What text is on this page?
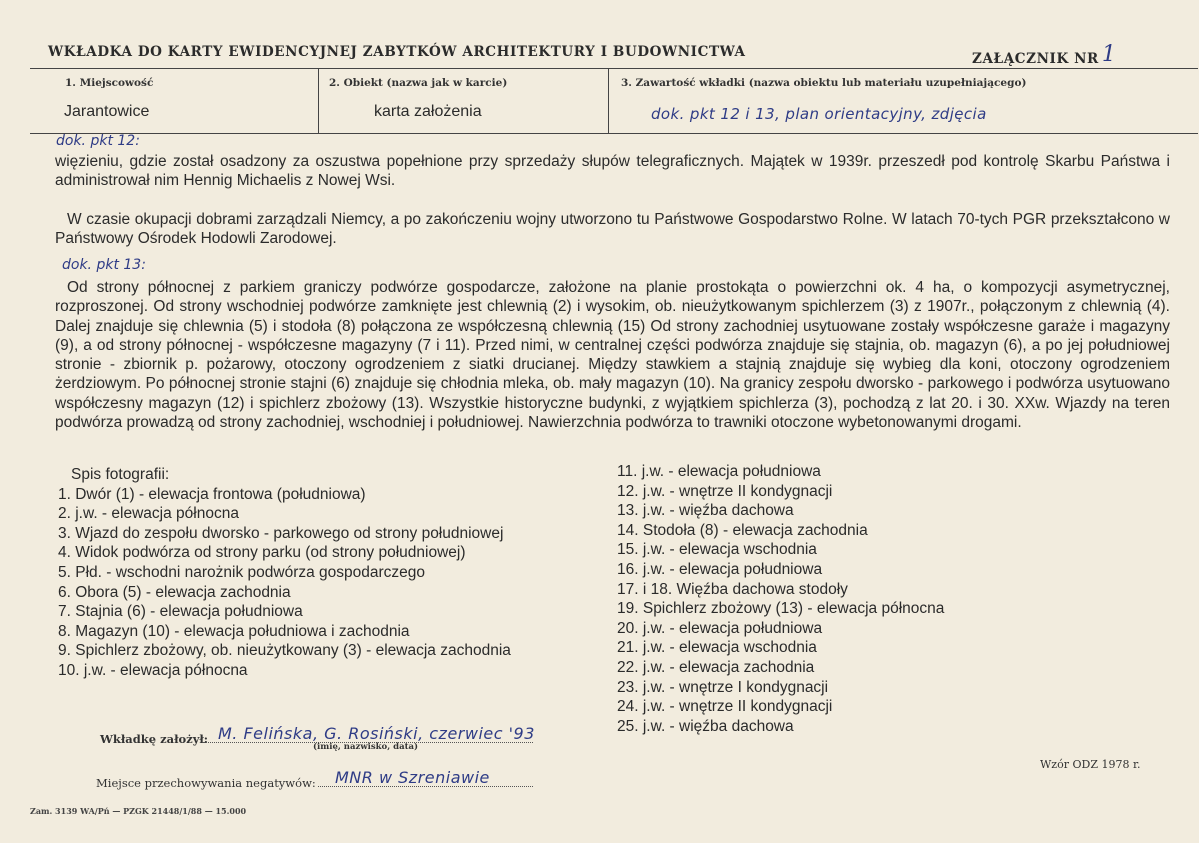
WKŁADKA DO KARTY EWIDENCYJNEJ ZABYTKÓW ARCHITEKTURY I BUDOWNICTWA	ZAŁĄCZNIK NR 1
1. Miejscowość
Jarantowice
2. Obiekt (nazwa jak w karcie)
karta założenia
3. Zawartość wkładki (nazwa obiektu lub materiału uzupełniającego)
dok. pkt 12 i 13, plan orientacyjny, zdjęcia
dok. pkt 12:

więzieniu, gdzie został osadzony za oszustwa popełnione przy sprzedaży słupów telegraficznych. Majątek w 1939r. przeszedł pod kontrolę Skarbu Państwa i administrował nim Hennig Michaelis z Nowej Wsi.

W czasie okupacji dobrami zarządzali Niemcy, a po zakończeniu wojny utworzono tu Państwowe Gospodarstwo Rolne. W latach 70-tych PGR przekształcono w Państwowy Ośrodek Hodowli Zarodowej.

dok. pkt 13:

Od strony północnej z parkiem graniczy podwórze gospodarcze, założone na planie prostokąta o powierzchni ok. 4 ha, o kompozycji asymetrycznej, rozproszonej. Od strony wschodniej podwórze zamknięte jest chlewnią (2) i wysokim, ob. nieużytkowanym spichlerzem (3) z 1907r., połączonym z chlewnią (4). Dalej znajduje się chlewnia (5) i stodoła (8) połączona ze współczesną chlewnią (15) Od strony zachodniej usytuowane zostały współczesne garaże i magazyny (9), a od strony północnej - współczesne magazyny (7 i 11). Przed nimi, w centralnej części podwórza znajduje się stajnia, ob. magazyn (6), a po jej południowej stronie - zbiornik p. pożarowy, otoczony ogrodzeniem z siatki drucianej. Między stawkiem a stajnią znajduje się wybieg dla koni, otoczony ogrodzeniem żerdziowym. Po północnej stronie stajni (6) znajduje się chłodnia mleka, ob. mały magazyn (10). Na granicy zespołu dworsko - parkowego i podwórza usytuowano współczesny magazyn (12) i spichlerz zbożowy (13). Wszystkie historyczne budynki, z wyjątkiem spichlerza (3), pochodzą z lat 20. i 30. XXw. Wjazdy na teren podwórza prowadzą od strony zachodniej, wschodniej i południowej. Nawierzchnia podwórza to trawniki otoczone wybetonowanymi drogami.

Spis fotografii:
1. Dwór (1) - elewacja frontowa (południowa)
2. j.w. - elewacja północna
3. Wjazd do zespołu dworsko - parkowego od strony południowej
4. Widok podwórza od strony parku (od strony południowej)
5. Płd. - wschodni narożnik podwórza gospodarczego
6. Obora (5) - elewacja zachodnia
7. Stajnia (6) - elewacja południowa
8. Magazyn (10) - elewacja południowa i zachodnia
9. Spichlerz zbożowy, ob. nieużytkowany (3) - elewacja zachodnia
10. j.w. - elewacja północna
11. j.w. - elewacja południowa
12. j.w. - wnętrze II kondygnacji
13. j.w. - więźba dachowa
14. Stodoła (8) - elewacja zachodnia
15. j.w. - elewacja wschodnia
16. j.w. - elewacja południowa
17. i 18. Więźba dachowa stodoły
19. Spichlerz zbożowy (13) - elewacja północna
20. j.w. - elewacja południowa
21. j.w. - elewacja wschodnia
22. j.w. - elewacja zachodnia
23. j.w. - wnętrze I kondygnacji
24. j.w. - wnętrze II kondygnacji
25. j.w. - więźba dachowa
Wkładkę założył: M. Felińska, G. Rosiński, czerwiec '93
(imię, nazwisko, data)
Miejsce przechowywania negatywów: MNR w Szreniawie
Wzór ODZ 1978 r.
Zam. 3139 WA/Pń — PZGK 21448/1/88 — 15.000
